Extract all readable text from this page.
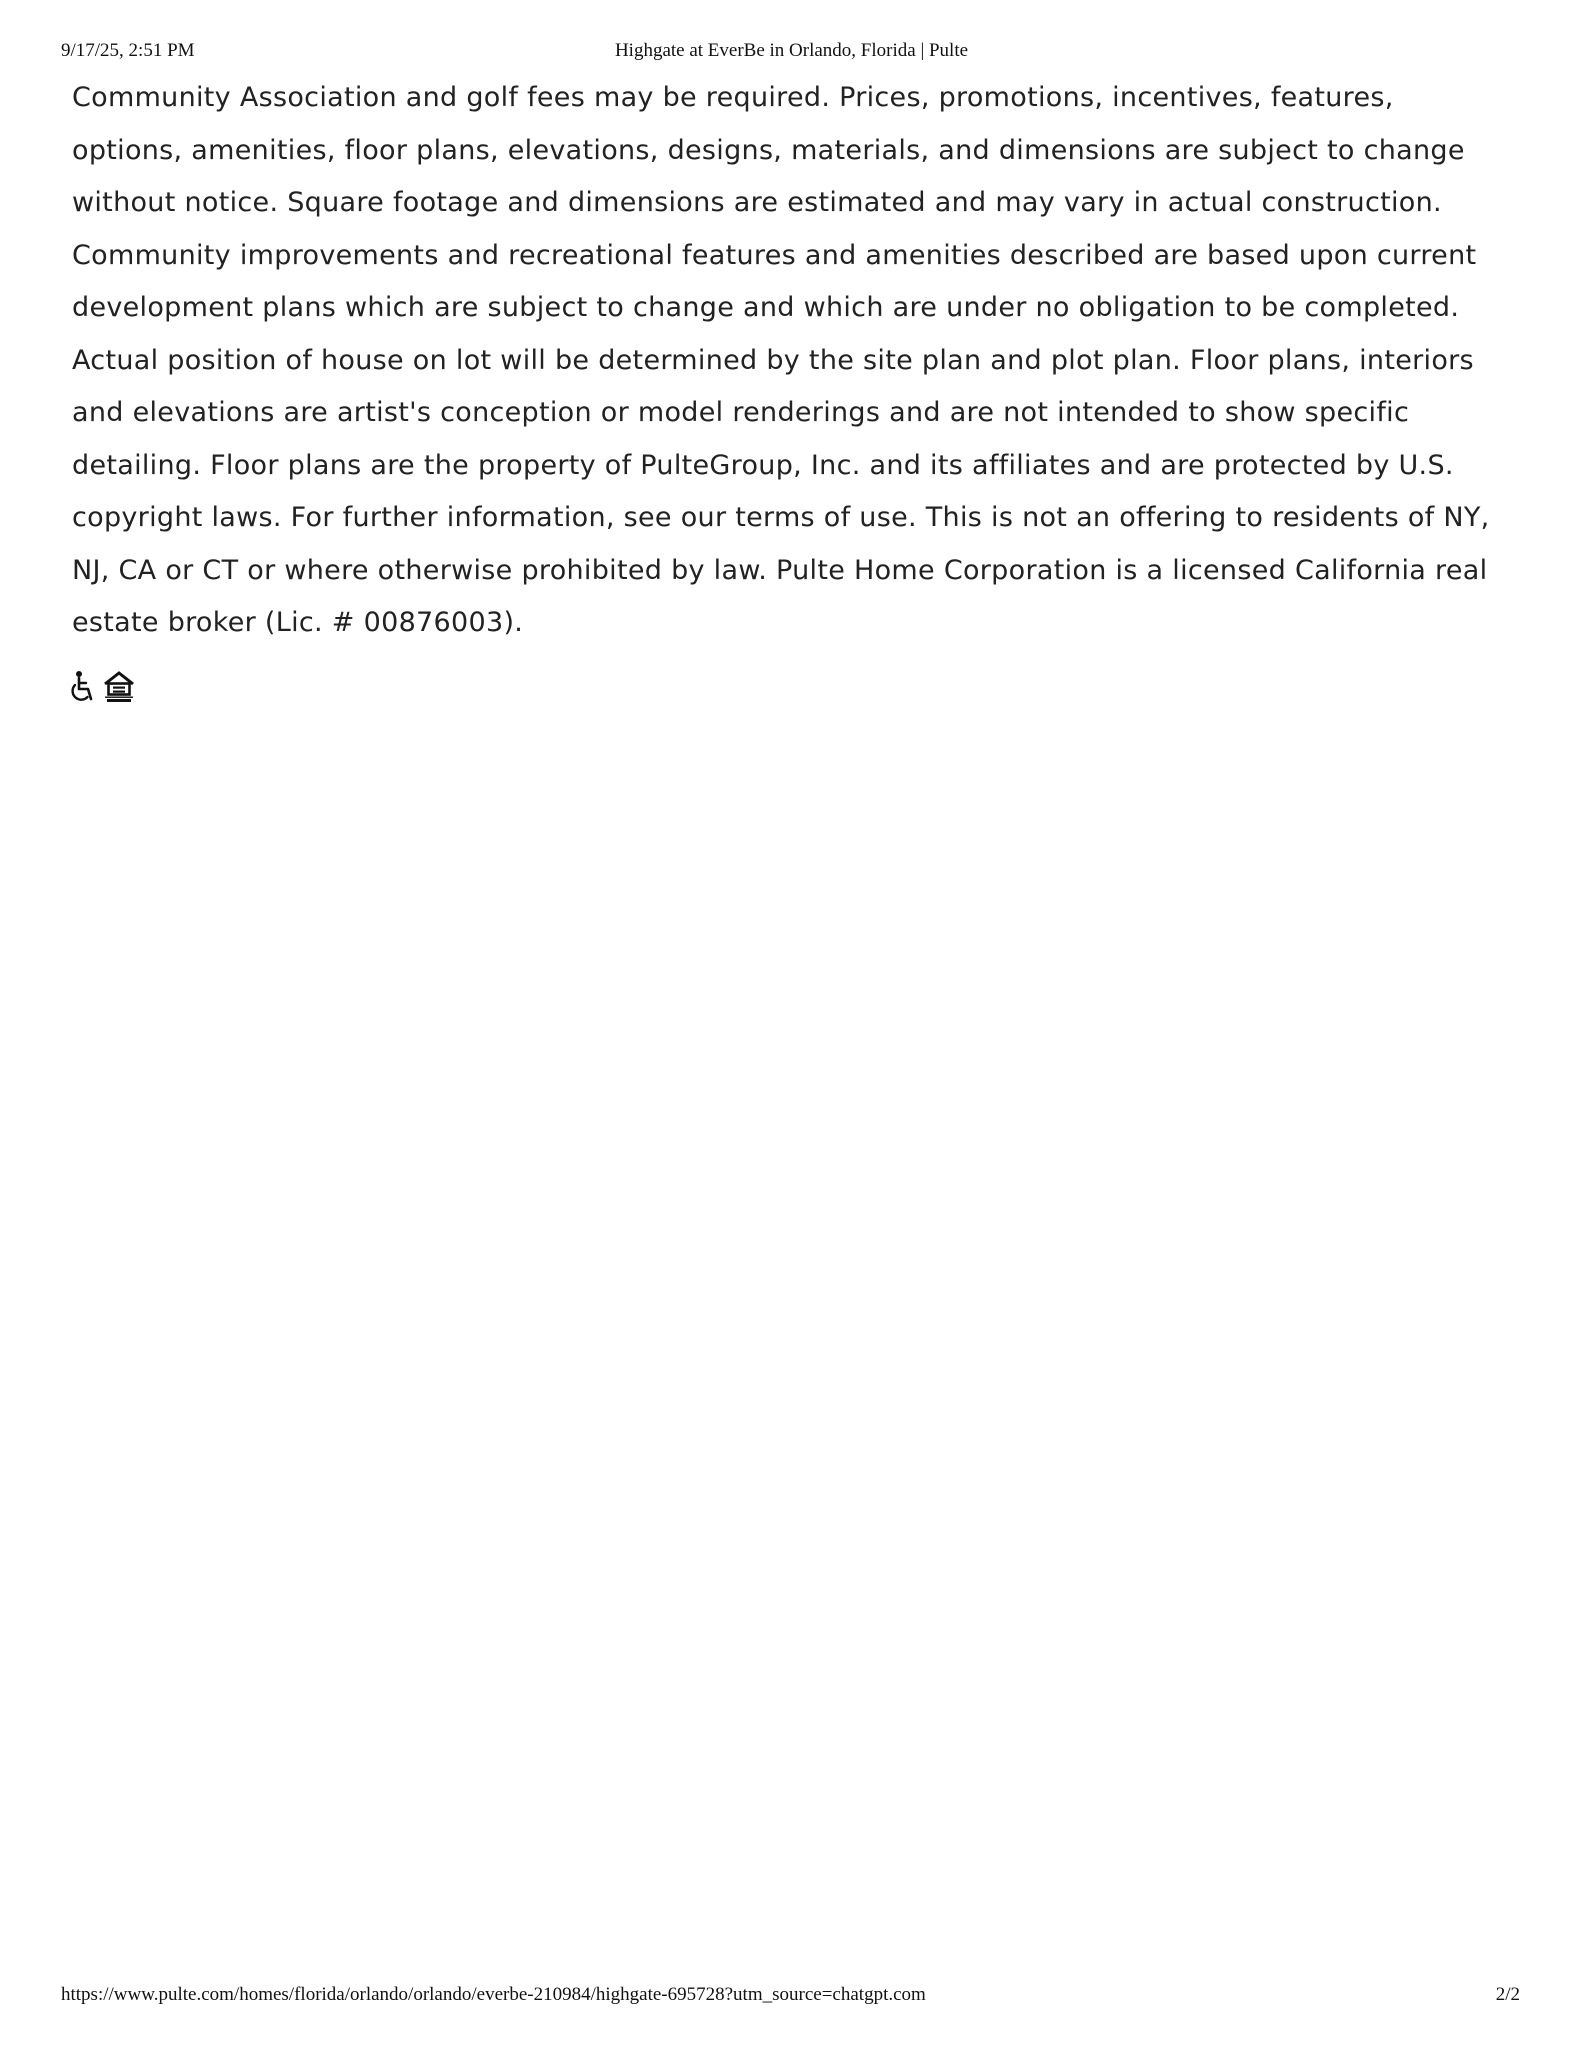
9/17/25, 2:51 PM	Highgate at EverBe in Orlando, Florida | Pulte

Community Association and golf fees may be required. Prices, promotions, incentives, features, options, amenities, floor plans, elevations, designs, materials, and dimensions are subject to change without notice. Square footage and dimensions are estimated and may vary in actual construction. Community improvements and recreational features and amenities described are based upon current development plans which are subject to change and which are under no obligation to be completed. Actual position of house on lot will be determined by the site plan and plot plan. Floor plans, interiors and elevations are artist's conception or model renderings and are not intended to show specific detailing. Floor plans are the property of PulteGroup, Inc. and its affiliates and are protected by U.S. copyright laws. For further information, see our terms of use. This is not an offering to residents of NY, NJ, CA or CT or where otherwise prohibited by law. Pulte Home Corporation is a licensed California real estate broker (Lic. # 00876003).

https://www.pulte.com/homes/florida/orlando/orlando/everbe-210984/highgate-695728?utm_source=chatgpt.com	2/2
